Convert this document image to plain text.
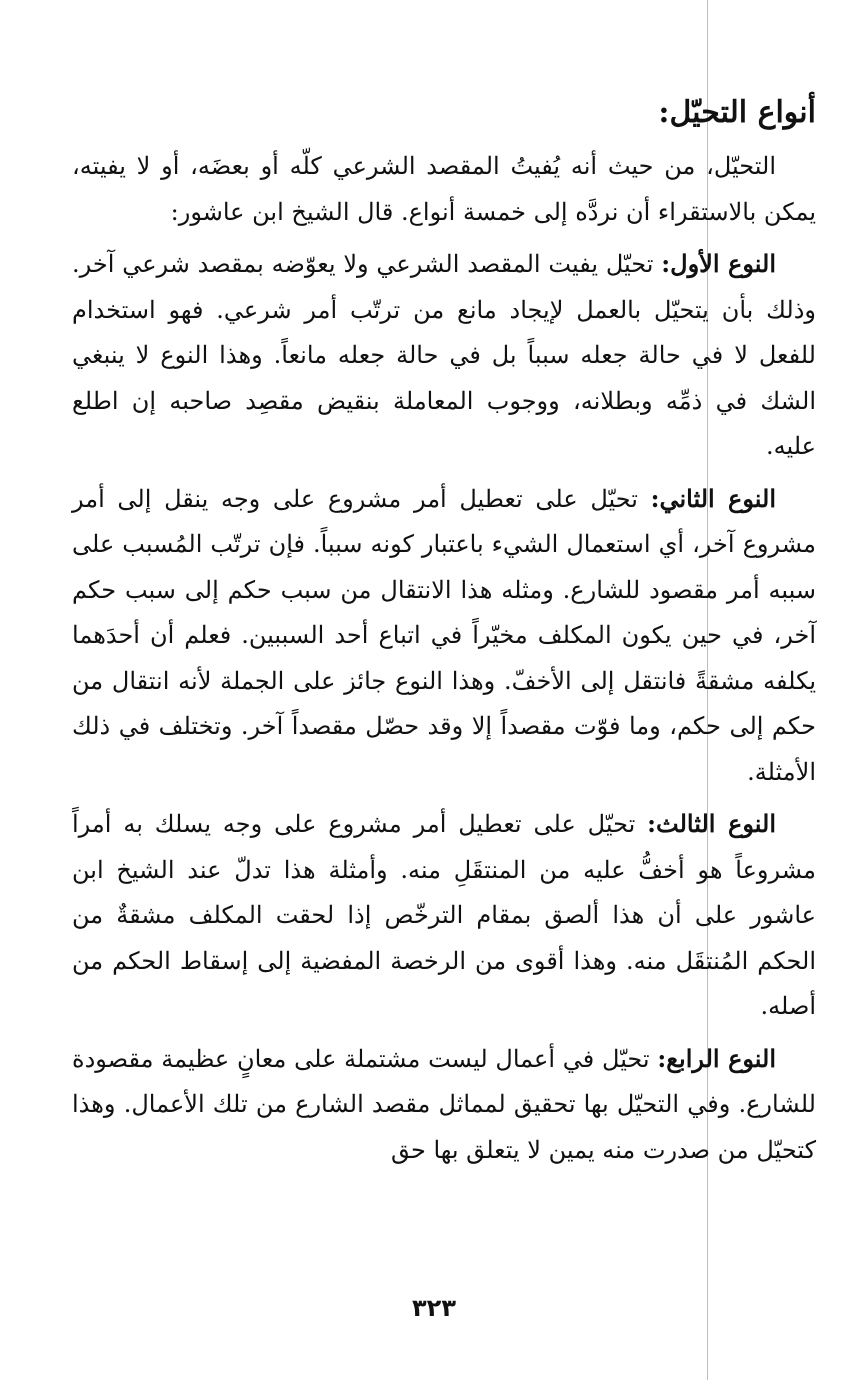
أنواع التحيّل:

التحيّل، من حيث أنه يُفيتُ المقصد الشرعي كلّه أو بعضَه، أو لا يفيته، يمكن بالاستقراء أن نردَّه إلى خمسة أنواع. قال الشيخ ابن عاشور:

النوع الأول: تحيّل يفيت المقصد الشرعي ولا يعوّضه بمقصد شرعي آخر. وذلك بأن يتحيّل بالعمل لإيجاد مانع من ترتّب أمر شرعي. فهو استخدام للفعل لا في حالة جعله سبباً بل في حالة جعله مانعاً. وهذا النوع لا ينبغي الشك في ذمِّه وبطلانه، ووجوب المعاملة بنقيض مقصِد صاحبه إن اطلع عليه.

النوع الثاني: تحيّل على تعطيل أمر مشروع على وجه ينقل إلى أمر مشروع آخر، أي استعمال الشيء باعتبار كونه سبباً. فإن ترتّب المُسبب على سببه أمر مقصود للشارع. ومثله هذا الانتقال من سبب حكم إلى سبب حكم آخر، في حين يكون المكلف مخيّراً في اتباع أحد السببين. فعلم أن أحدَهما يكلفه مشقةً فانتقل إلى الأخفّ. وهذا النوع جائز على الجملة لأنه انتقال من حكم إلى حكم، وما فوّت مقصداً إلا وقد حصّل مقصداً آخر. وتختلف في ذلك الأمثلة.

النوع الثالث: تحيّل على تعطيل أمر مشروع على وجه يسلك به أمراً مشروعاً هو أخفُّ عليه من المنتقَلِ منه. وأمثلة هذا تدلّ عند الشيخ ابن عاشور على أن هذا ألصق بمقام الترخّص إذا لحقت المكلف مشقةٌ من الحكم المُنتقَل منه. وهذا أقوى من الرخصة المفضية إلى إسقاط الحكم من أصله.

النوع الرابع: تحيّل في أعمال ليست مشتملة على معانٍ عظيمة مقصودة للشارع. وفي التحيّل بها تحقيق لمماثل مقصد الشارع من تلك الأعمال. وهذا كتحيّل من صدرت منه يمين لا يتعلق بها حق

٣٢٣
